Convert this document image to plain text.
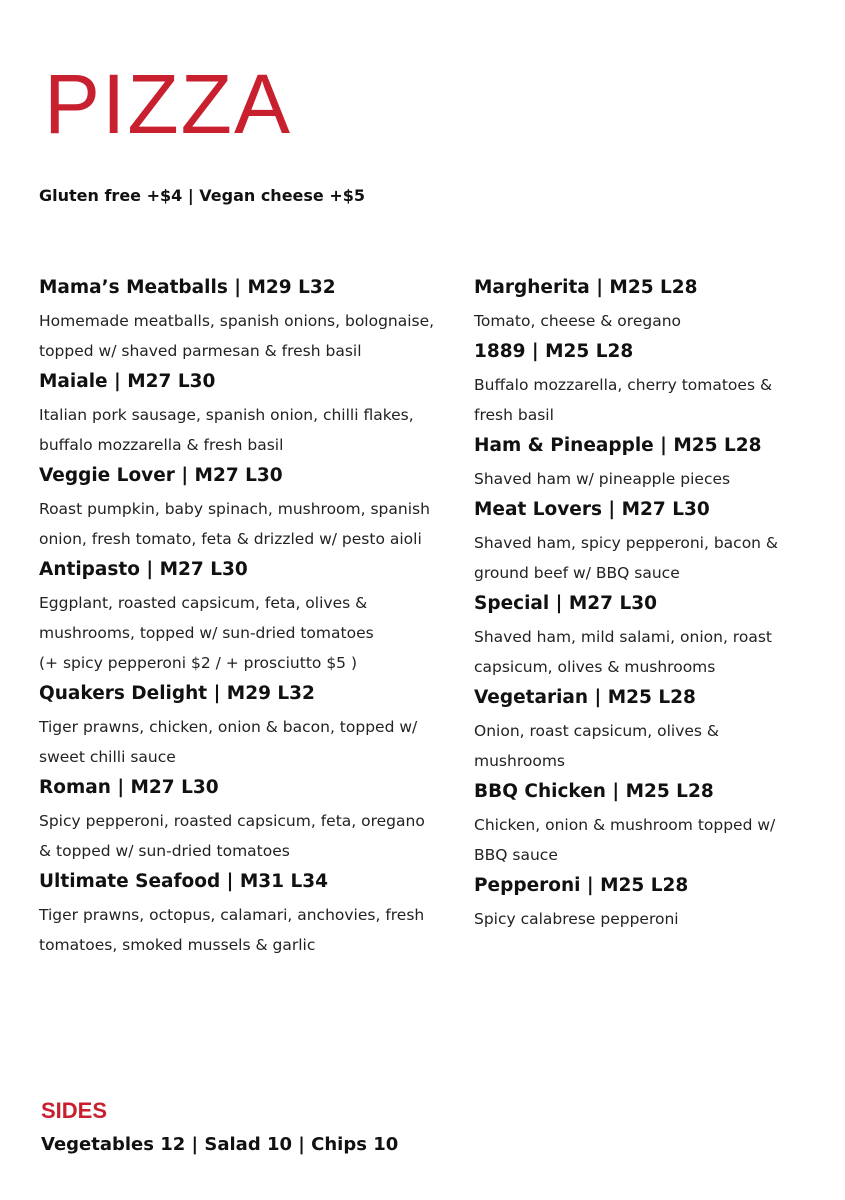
PIZZA
Gluten free +$4 | Vegan cheese +$5
Mama’s Meatballs | M29 L32

Homemade meatballs, spanish onions, bolognaise,
topped w/ shaved parmesan & fresh basil

Maiale | M27 L30

Italian pork sausage, spanish onion, chilli flakes,
buffalo mozzarella & fresh basil

Veggie Lover | M27 L30

Roast pumpkin, baby spinach, mushroom, spanish
onion, fresh tomato, feta & drizzled w/ pesto aioli

Antipasto | M27 L30

Eggplant, roasted capsicum, feta, olives &
mushrooms, topped w/ sun-dried tomatoes
(+ spicy pepperoni $2 / + prosciutto $5 )

Quakers Delight | M29 L32

Tiger prawns, chicken, onion & bacon, topped w/
sweet chilli sauce

Roman | M27 L30

Spicy pepperoni, roasted capsicum, feta, oregano
& topped w/ sun-dried tomatoes

Ultimate Seafood | M31 L34

Tiger prawns, octopus, calamari, anchovies, fresh
tomatoes, smoked mussels & garlic

Margherita | M25 L28

Tomato, cheese & oregano

1889 | M25 L28

Buffalo mozzarella, cherry tomatoes &
fresh basil

Ham & Pineapple | M25 L28

Shaved ham w/ pineapple pieces

Meat Lovers | M27 L30

Shaved ham, spicy pepperoni, bacon &
ground beef w/ BBQ sauce

Special | M27 L30

Shaved ham, mild salami, onion, roast
capsicum, olives & mushrooms

Vegetarian | M25 L28

Onion, roast capsicum, olives &
mushrooms

BBQ Chicken | M25 L28

Chicken, onion & mushroom topped w/
BBQ sauce

Pepperoni | M25 L28

Spicy calabrese pepperoni

SIDES
Vegetables 12 | Salad 10 | Chips 10
